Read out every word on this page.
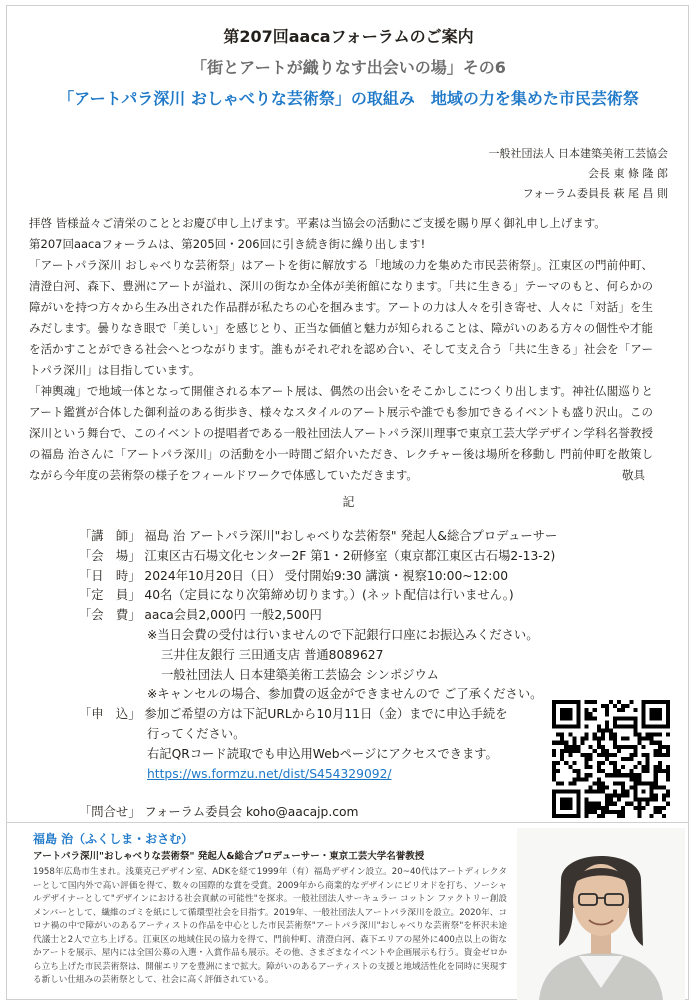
第207回aacaフォーラムのご案内
「街とアートが織りなす出会いの場」その6
「アートパラ深川 おしゃべりな芸術祭」の取組み　地域の力を集めた市民芸術祭
一般社団法人 日本建築美術工芸協会
会長 東 條 隆 郎
フォーラム委員長 萩 尾 昌 則

拝啓 皆様益々ご清栄のこととお慶び申し上げます。平素は当協会の活動にご支援を賜り厚く御礼申し上げます。

第207回aacaフォーラムは、第205回・206回に引き続き街に繰り出します!

「アートパラ深川 おしゃべりな芸術祭」はアートを街に解放する「地域の力を集めた市民芸術祭」。江東区の門前仲町、清澄白河、森下、豊洲にアートが溢れ、深川の街なか全体が美術館になります。「共に生きる」テーマのもと、何らかの障がいを持つ方々から生み出された作品群が私たちの心を掴みます。アートの力は人々を引き寄せ、人々に「対話」を生みだします。曇りなき眼で「美しい」を感じとり、正当な価値と魅力が知られることは、障がいのある方々の個性や才能を活かすことができる社会へとつながります。誰もがそれぞれを認め合い、そして支え合う「共に生きる」社会を「アートパラ深川」は目指しています。

「神輿魂」で地域一体となって開催される本アート展は、偶然の出会いをそこかしこにつくり出します。神社仏閣巡りとアート鑑賞が合体した御利益のある街歩き、様々なスタイルのアート展示や誰でも参加できるイベントも盛り沢山。この深川という舞台で、このイベントの提唱者である一般社団法人アートパラ深川理事で東京工芸大学デザイン学科名誉教授の福島 治さんに「アートパラ深川」の活動を小一時間ご紹介いただき、レクチャー後は場所を移動し 門前仲町を散策しながら今年度の芸術祭の様子をフィールドワークで体感していただきます。	敬具

記
「講　師」 福島 治 アートパラ深川"おしゃべりな芸術祭" 発起人&総合プロデューサー
「会　場」 江東区古石場文化センター2F 第1・2研修室（東京都江東区古石場2-13-2)
「日　時」 2024年10月20日（日） 受付開始9:30 講演・視察10:00~12:00
「定　員」 40名（定員になり次第締め切ります。）(ネット配信は行いません。)
「会　費」 aaca会員2,000円 一般2,500円
※当日会費の受付は行いませんので下記銀行口座にお振込みください。
三井住友銀行 三田通支店 普通8089627
一般社団法人 日本建築美術工芸協会 シンポジウム
※キャンセルの場合、参加費の返金ができませんので ご了承ください。
「申　込」 参加ご希望の方は下記URLから10月11日（金）までに申込手続を
行ってください。
右記QRコード読取でも申込用Webページにアクセスできます。
https://ws.formzu.net/dist/S454329092/
「問合せ」 フォーラム委員会 koho@aacajp.com
福島 治（ふくしま・おさむ）
アートパラ深川"おしゃべりな芸術祭" 発起人&総合プロデューサー・東京工芸大学名誉教授
1958年広島市生まれ。浅葉克己デザイン室、ADKを経て1999年（有）福島デザイン設立。20~40代はアートディレクターとして国内外で高い評価を得て、数々の国際的な賞を受賞。2009年から商業的なデザインにピリオドを打ち、ソーシャルデザイナーとして"デザインにおける社会貢献の可能性"を探求。一般社団法人サーキュラー コットン ファクトリー創設メンバーとして、繊維のゴミを紙にして循環型社会を目指す。2019年、一般社団法人アートパラ深川を設立。2020年、コロナ禍の中で障がいのあるアーティストの作品を中心とした市民芸術祭"アートパラ深川"おしゃべりな芸術祭"を杯沢未途代議士と2人で立ち上げる。江東区の地域住民の協力を得て、門前仲町、清澄白河、森下エリアの屋外に400点以上の街なかアートを展示、屋内には全国公募の入選・入賞作品も展示。その他、さまざまなイベントや企画展示も行う。資金ゼロから立ち上げた市民芸術祭は、開催エリアを豊洲にまで拡大。障がいのあるアーティストの支援と地域活性化を同時に実現する新しい仕組みの芸術祭として、社会に高く評価されている。
